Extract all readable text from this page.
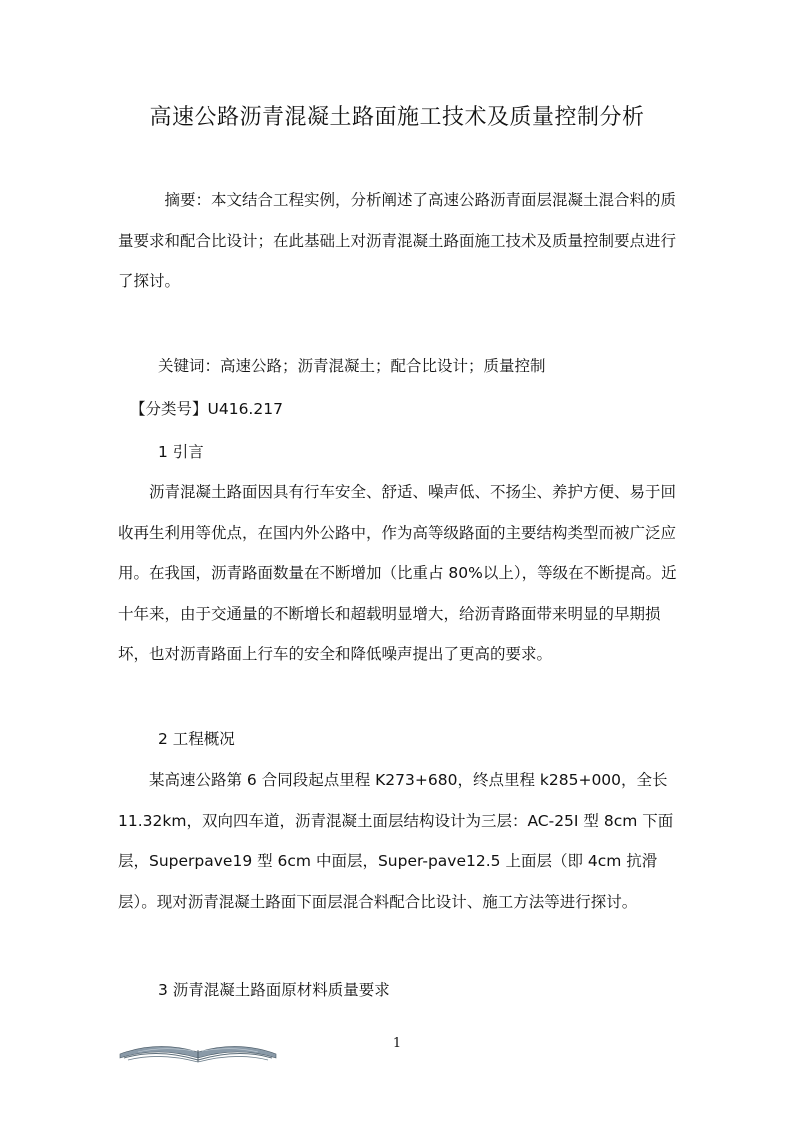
高速公路沥青混凝土路面施工技术及质量控制分析

摘要：本文结合工程实例，分析阐述了高速公路沥青面层混凝土混合料的质量要求和配合比设计；在此基础上对沥青混凝土路面施工技术及质量控制要点进行了探讨。

关键词：高速公路；沥青混凝土；配合比设计；质量控制
【分类号】U416.217
1 引言

沥青混凝土路面因具有行车安全、舒适、噪声低、不扬尘、养护方便、易于回收再生利用等优点，在国内外公路中，作为高等级路面的主要结构类型而被广泛应用。在我国，沥青路面数量在不断增加（比重占 80%以上），等级在不断提高。近十年来，由于交通量的不断增长和超载明显增大，给沥青路面带来明显的早期损坏，也对沥青路面上行车的安全和降低噪声提出了更高的要求。

2 工程概况

某高速公路第 6 合同段起点里程 K273+680，终点里程 k285+000，全长 11.32km，双向四车道，沥青混凝土面层结构设计为三层：AC-25I 型 8cm 下面层，Superpave19 型 6cm 中面层，Super-pave12.5 上面层（即 4cm 抗滑层）。现对沥青混凝土路面下面层混合料配合比设计、施工方法等进行探讨。

3 沥青混凝土路面原材料质量要求
1
